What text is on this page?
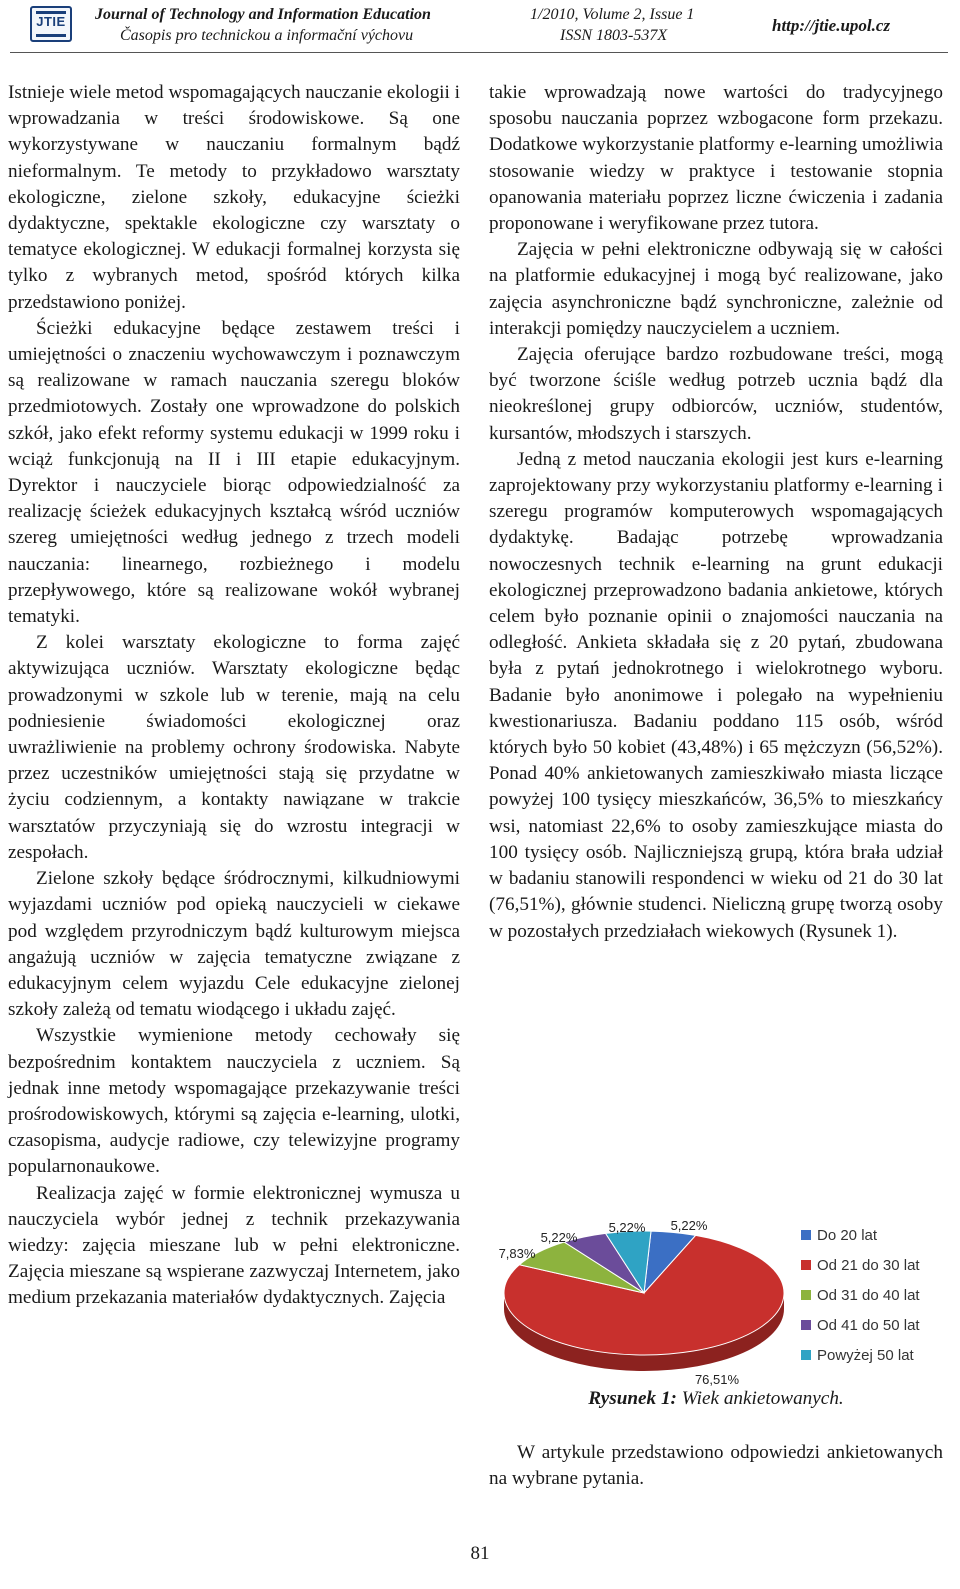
JTIE Journal of Technology and Information Education
Časopis pro technickou a informační výchovu
1/2010, Volume 2, Issue 1
ISSN 1803-537X
http://jtie.upol.cz

Istnieje wiele metod wspomagających nauczanie ekologii i wprowadzania w treści środowiskowe. Są one wykorzystywane w nauczaniu formalnym bądź nieformalnym. Te metody to przykładowo warsztaty ekologiczne, zielone szkoły, edukacyjne ścieżki dydaktyczne, spektakle ekologiczne czy warsztaty o tematyce ekologicznej. W edukacji formalnej korzysta się tylko z wybranych metod, spośród których kilka przedstawiono poniżej.

Ścieżki edukacyjne będące zestawem treści i umiejętności o znaczeniu wychowawczym i poznawczym są realizowane w ramach nauczania szeregu bloków przedmiotowych. Zostały one wprowadzone do polskich szkół, jako efekt reformy systemu edukacji w 1999 roku i wciąż funkcjonują na II i III etapie edukacyjnym. Dyrektor i nauczyciele biorąc odpowiedzialność za realizację ścieżek edukacyjnych kształcą wśród uczniów szereg umiejętności według jednego z trzech modeli nauczania: linearnego, rozbieżnego i modelu przepływowego, które są realizowane wokół wybranej tematyki.

Z kolei warsztaty ekologiczne to forma zajęć aktywizująca uczniów. Warsztaty ekologiczne będąc prowadzonymi w szkole lub w terenie, mają na celu podniesienie świadomości ekologicznej oraz uwrażliwienie na problemy ochrony środowiska. Nabyte przez uczestników umiejętności stają się przydatne w życiu codziennym, a kontakty nawiązane w trakcie warsztatów przyczyniają się do wzrostu integracji w zespołach.

Zielone szkoły będące śródrocznymi, kilkudniowymi wyjazdami uczniów pod opieką nauczycieli w ciekawe pod względem przyrodniczym bądź kulturowym miejsca angażują uczniów w zajęcia tematyczne związane z edukacyjnym celem wyjazdu Cele edukacyjne zielonej szkoły zależą od tematu wiodącego i układu zajęć.

Wszystkie wymienione metody cechowały się bezpośrednim kontaktem nauczyciela z uczniem. Są jednak inne metody wspomagające przekazywanie treści prośrodowiskowych, którymi są zajęcia e-learning, ulotki, czasopisma, audycje radiowe, czy telewizyjne programy popularnonaukowe.

Realizacja zajęć w formie elektronicznej wymusza u nauczyciela wybór jednej z technik przekazywania wiedzy: zajęcia mieszane lub w pełni elektroniczne. Zajęcia mieszane są wspierane zazwyczaj Internetem, jako medium przekazania materiałów dydaktycznych. Zajęcia

takie wprowadzają nowe wartości do tradycyjnego sposobu nauczania poprzez wzbogacone form przekazu. Dodatkowe wykorzystanie platformy e-learning umożliwia stosowanie wiedzy w praktyce i testowanie stopnia opanowania materiału poprzez liczne ćwiczenia i zadania proponowane i weryfikowane przez tutora.

Zajęcia w pełni elektroniczne odbywają się w całości na platformie edukacyjnej i mogą być realizowane, jako zajęcia asynchroniczne bądź synchroniczne, zależnie od interakcji pomiędzy nauczycielem a uczniem.

Zajęcia oferujące bardzo rozbudowane treści, mogą być tworzone ściśle według potrzeb ucznia bądź dla nieokreślonej grupy odbiorców, uczniów, studentów, kursantów, młodszych i starszych.

Jedną z metod nauczania ekologii jest kurs e-learning zaprojektowany przy wykorzystaniu platformy e-learning i szeregu programów komputerowych wspomagających dydaktykę. Badając potrzebę wprowadzania nowoczesnych technik e-learning na grunt edukacji ekologicznej przeprowadzono badania ankietowe, których celem było poznanie opinii o znajomości nauczania na odległość. Ankieta składała się z 20 pytań, zbudowana była z pytań jednokrotnego i wielokrotnego wyboru. Badanie było anonimowe i polegało na wypełnieniu kwestionariusza. Badaniu poddano 115 osób, wśród których było 50 kobiet (43,48%) i 65 mężczyzn (56,52%). Ponad 40% ankietowanych zamieszkiwało miasta liczące powyżej 100 tysięcy mieszkańców, 36,5% to mieszkańcy wsi, natomiast 22,6% to osoby zamieszkujące miasta do 100 tysięcy osób. Najliczniejszą grupą, która brała udział w badaniu stanowili respondenci w wieku od 21 do 30 lat (76,51%), głównie studenci. Nieliczną grupę tworzą osoby w pozostałych przedziałach wiekowych (Rysunek 1).

5,22%
76,51%
7,83%
5,22%
5,22%	Do 20 lat
Od 21 do 30 lat
Od 31 do 40 lat
Od 41 do 50 lat
Powyżej 50 lat
Rysunek 1: Wiek ankietowanych.

W artykule przedstawiono odpowiedzi ankietowanych na wybrane pytania.

81
